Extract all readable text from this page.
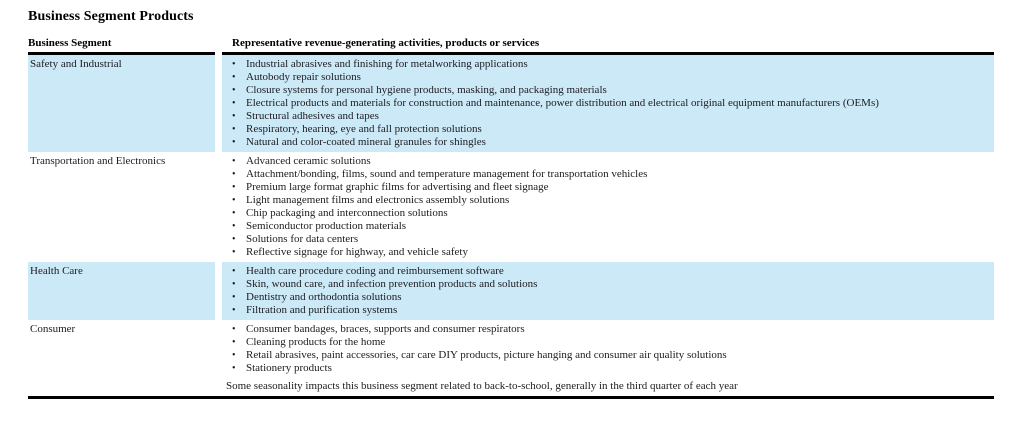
Business Segment Products
Business Segment	Representative revenue-generating activities, products or services
Safety and Industrial	• Industrial abrasives and finishing for metalworking applications
• Autobody repair solutions
• Closure systems for personal hygiene products, masking, and packaging materials
• Electrical products and materials for construction and maintenance, power distribution and electrical original equipment manufacturers (OEMs)
• Structural adhesives and tapes
• Respiratory, hearing, eye and fall protection solutions
• Natural and color-coated mineral granules for shingles
Transportation and Electronics	• Advanced ceramic solutions
• Attachment/bonding, films, sound and temperature management for transportation vehicles
• Premium large format graphic films for advertising and fleet signage
• Light management films and electronics assembly solutions
• Chip packaging and interconnection solutions
• Semiconductor production materials
• Solutions for data centers
• Reflective signage for highway, and vehicle safety
Health Care	• Health care procedure coding and reimbursement software
• Skin, wound care, and infection prevention products and solutions
• Dentistry and orthodontia solutions
• Filtration and purification systems
Consumer	• Consumer bandages, braces, supports and consumer respirators
• Cleaning products for the home
• Retail abrasives, paint accessories, car care DIY products, picture hanging and consumer air quality solutions
• Stationery products
Some seasonality impacts this business segment related to back-to-school, generally in the third quarter of each year
